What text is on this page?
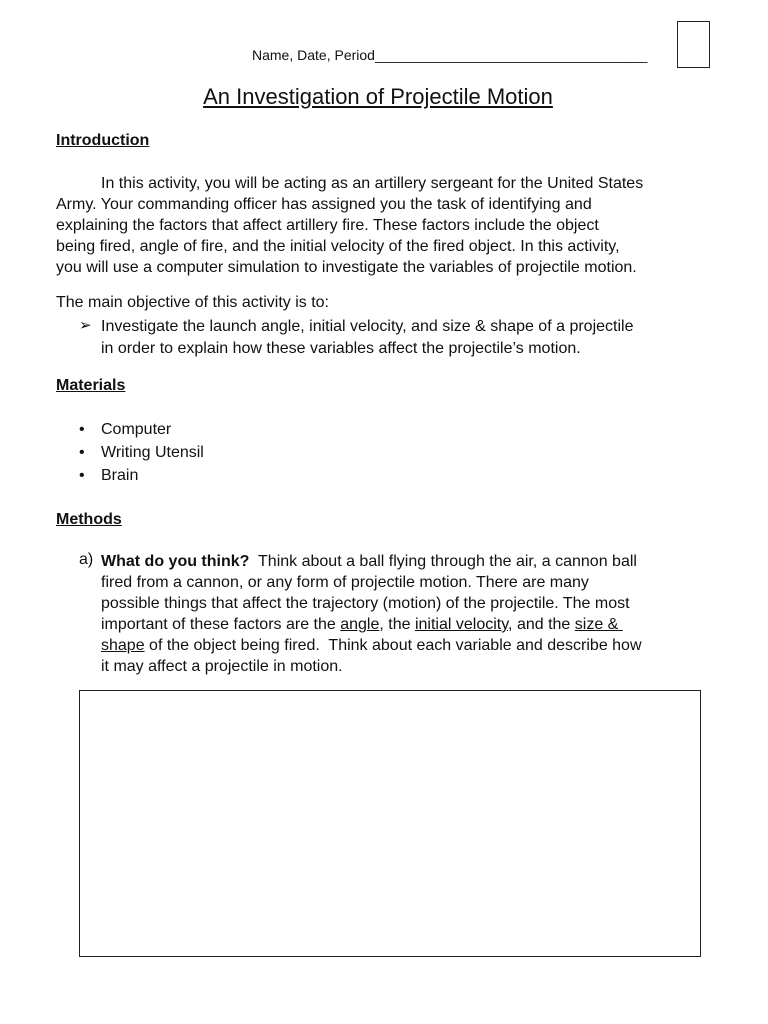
Name, Date, Period___________________________________
An Investigation of Projectile Motion
Introduction
In this activity, you will be acting as an artillery sergeant for the United States
Army. Your commanding officer has assigned you the task of identifying and
explaining the factors that affect artillery fire. These factors include the object
being fired, angle of fire, and the initial velocity of the fired object. In this activity,
you will use a computer simulation to investigate the variables of projectile motion.
The main objective of this activity is to:
➢ Investigate the launch angle, initial velocity, and size & shape of a projectile
in order to explain how these variables affect the projectile’s motion.
Materials
• Computer
• Writing Utensil
• Brain
Methods
a) What do you think?  Think about a ball flying through the air, a cannon ball
fired from a cannon, or any form of projectile motion. There are many
possible things that affect the trajectory (motion) of the projectile. The most
important of these factors are the angle, the initial velocity, and the size &
shape of the object being fired.  Think about each variable and describe how
it may affect a projectile in motion.
